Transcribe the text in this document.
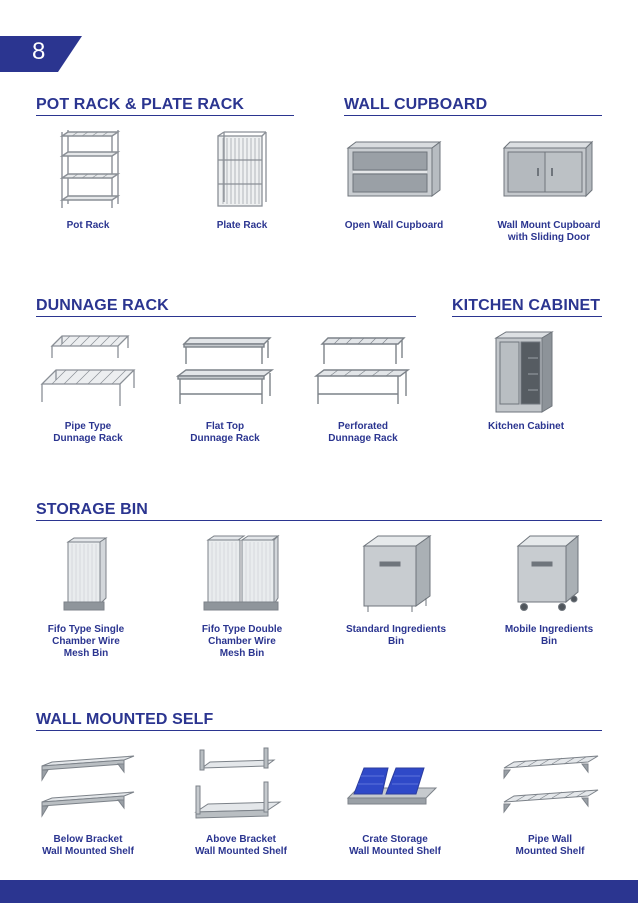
8
POT RACK & PLATE RACK
Pot Rack	Plate Rack
WALL CUPBOARD
Open Wall Cupboard	Wall Mount Cupboard
with Sliding Door
DUNNAGE RACK
Pipe Type
Dunnage Rack
Flat Top
Dunnage Rack
Perforated
Dunnage Rack
KITCHEN CABINET
Kitchen Cabinet
STORAGE BIN
Fifo Type Single
Chamber Wire
Mesh Bin
Fifo Type Double
Chamber Wire
Mesh Bin
Standard Ingredients
Bin
Mobile Ingredients
Bin
WALL MOUNTED SELF
Below Bracket
Wall Mounted Shelf
Above Bracket
Wall Mounted Shelf
Crate Storage
Wall Mounted Shelf
Pipe Wall
Mounted Shelf
